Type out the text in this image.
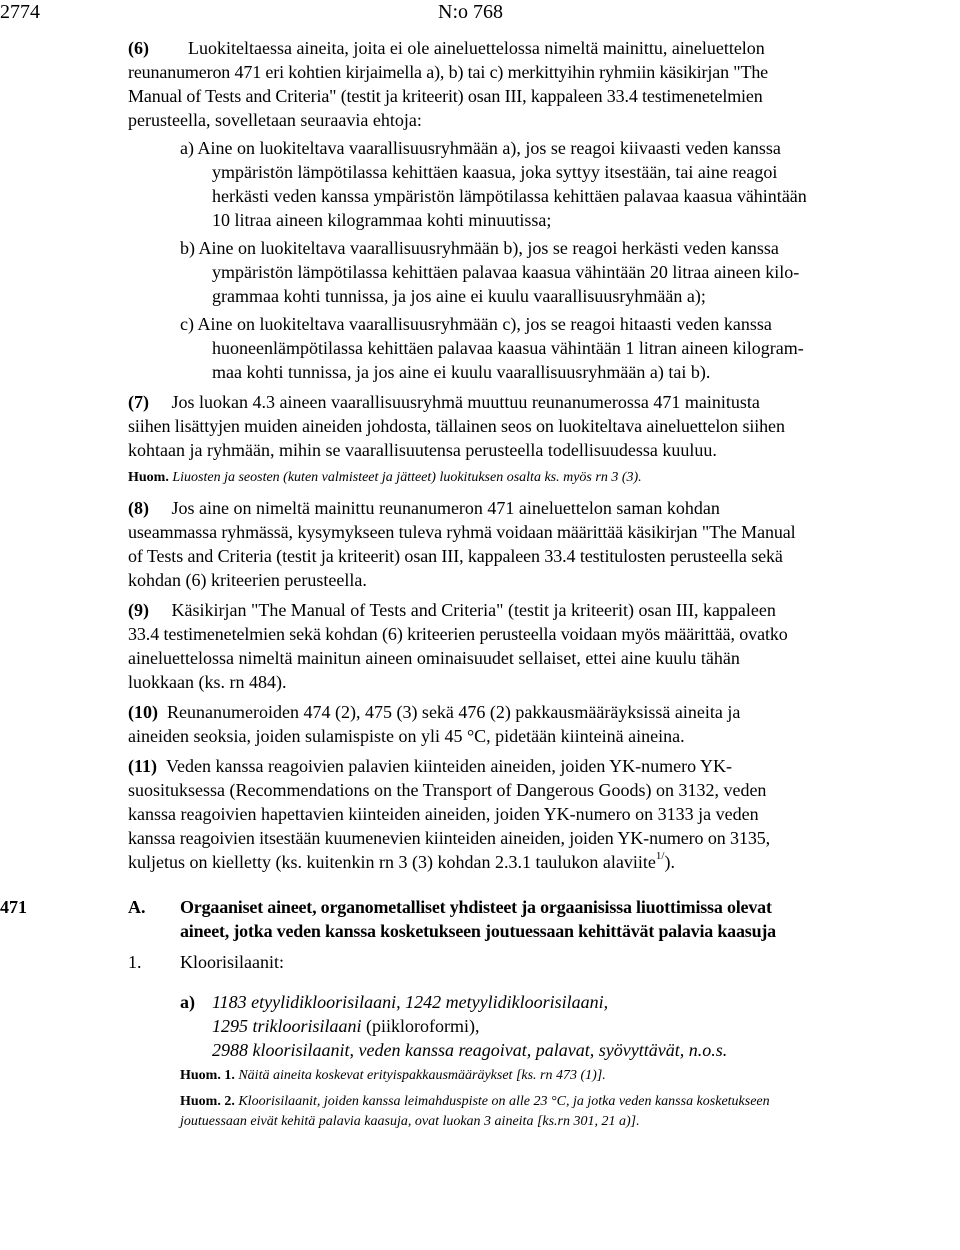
2774	N:o 768
(6) Luokiteltaessa aineita, joita ei ole aineluettelossa nimeltä mainittu, aineluettelon
reunanumeron 471 eri kohtien kirjaimella a), b) tai c) merkittyihin ryhmiin käsikirjan "The
Manual of Tests and Criteria" (testit ja kriteerit) osan III, kappaleen 33.4 testimenetelmien
perusteella, sovelletaan seuraavia ehtoja:
a) Aine on luokiteltava vaarallisuusryhmään a), jos se reagoi kiivaasti veden kanssa
ympäristön lämpötilassa kehittäen kaasua, joka syttyy itsestään, tai aine reagoi
herkästi veden kanssa ympäristön lämpötilassa kehittäen palavaa kaasua vähintään
10 litraa aineen kilogrammaa kohti minuutissa;
b) Aine on luokiteltava vaarallisuusryhmään b), jos se reagoi herkästi veden kanssa
ympäristön lämpötilassa kehittäen palavaa kaasua vähintään 20 litraa aineen kilo-
grammaa kohti tunnissa, ja jos aine ei kuulu vaarallisuusryhmään a);
c) Aine on luokiteltava vaarallisuusryhmään c), jos se reagoi hitaasti veden kanssa
huoneenlämpötilassa kehittäen palavaa kaasua vähintään 1 litran aineen kilogram-
maa kohti tunnissa, ja jos aine ei kuulu vaarallisuusryhmään a) tai b).
(7) Jos luokan 4.3 aineen vaarallisuusryhmä muuttuu reunanumerossa 471 mainitusta
siihen lisättyjen muiden aineiden johdosta, tällainen seos on luokiteltava aineluettelon siihen
kohtaan ja ryhmään, mihin se vaarallisuutensa perusteella todellisuudessa kuuluu.
Huom. Liuosten ja seosten (kuten valmisteet ja jätteet) luokituksen osalta ks. myös rn 3 (3).
(8) Jos aine on nimeltä mainittu reunanumeron 471 aineluettelon saman kohdan
useammassa ryhmässä, kysymykseen tuleva ryhmä voidaan määrittää käsikirjan "The Manual
of Tests and Criteria (testit ja kriteerit) osan III, kappaleen 33.4 testitulosten perusteella sekä
kohdan (6) kriteerien perusteella.
(9) Käsikirjan "The Manual of Tests and Criteria" (testit ja kriteerit) osan III, kappaleen
33.4 testimenetelmien sekä kohdan (6) kriteerien perusteella voidaan myös määrittää, ovatko
aineluettelossa nimeltä mainitun aineen ominaisuudet sellaiset, ettei aine kuulu tähän
luokkaan (ks. rn 484).
(10) Reunanumeroiden 474 (2), 475 (3) sekä 476 (2) pakkausmääräyksissä aineita ja
aineiden seoksia, joiden sulamispiste on yli 45 °C, pidetään kiinteinä aineina.
(11) Veden kanssa reagoivien palavien kiinteiden aineiden, joiden YK-numero YK-
suosituksessa (Recommendations on the Transport of Dangerous Goods) on 3132, veden
kanssa reagoivien hapettavien kiinteiden aineiden, joiden YK-numero on 3133 ja veden
kanssa reagoivien itsestään kuumenevien kiinteiden aineiden, joiden YK-numero on 3135,
kuljetus on kielletty (ks. kuitenkin rn 3 (3) kohdan 2.3.1 taulukon alaviite$^{1/}$).
471	A. Orgaaniset aineet, organometalliset yhdisteet ja orgaanisissa liuottimissa olevat
aineet, jotka veden kanssa kosketukseen joutuessaan kehittävät palavia kaasuja
1. Kloorisilaanit:
a) 1183 etyylidikloorisilaani, 1242 metyylidikloorisilaani,
1295 trikloorisilaani (piikloroformi),
2988 kloorisilaanit, veden kanssa reagoivat, palavat, syövyttävät, n.o.s.
Huom. 1. Näitä aineita koskevat erityispakkausmääräykset [ks. rn 473 (1)].
Huom. 2. Kloorisilaanit, joiden kanssa leimahduspiste on alle 23 °C, ja jotka veden kanssa kosketukseen
joutuessaan eivät kehitä palavia kaasuja, ovat luokan 3 aineita [ks.rn 301, 21 a)].
